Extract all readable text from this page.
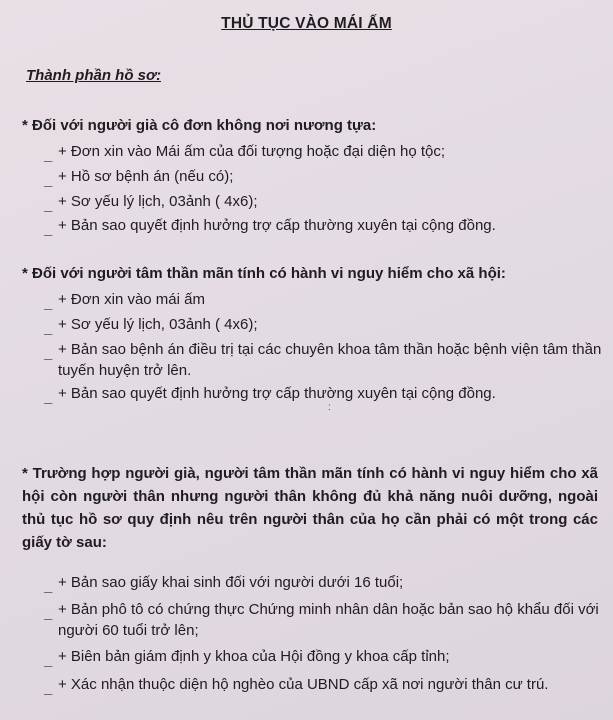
THỦ TỤC VÀO MÁI ẤM
Thành phần hồ sơ:
* Đối với người già cô đơn không nơi nương tựa:
_ + Đơn xin vào Mái ấm của đối tượng hoặc đại diện họ tộc;
_ + Hồ sơ bệnh án (nếu có);
_ + Sơ yếu lý lịch, 03ảnh ( 4x6);
_ + Bản sao quyết định hưởng trợ cấp thường xuyên tại cộng đồng.
* Đối với người tâm thần mãn tính có hành vi nguy hiểm cho xã hội:
_ + Đơn xin vào mái ấm
_ + Sơ yếu lý lịch, 03ảnh ( 4x6);
_ + Bản sao bệnh án điều trị tại các chuyên khoa tâm thần hoặc bệnh viện tâm thần tuyến huyện trở lên.
_ + Bản sao quyết định hưởng trợ cấp thường xuyên tại cộng đồng.
:
* Trường hợp người già, người tâm thần mãn tính có hành vi nguy hiểm cho xã hội còn người thân nhưng người thân không đủ khả năng nuôi dưỡng, ngoài thủ tục hồ sơ quy định nêu trên người thân của họ cần phải có một trong các giấy tờ sau:
_ + Bản sao giấy khai sinh đối với người dưới 16 tuổi;
_ + Bản phô tô có chứng thực Chứng minh nhân dân hoặc bản sao hộ khẩu đối với người 60 tuổi trở lên;
_ + Biên bản giám định y khoa của Hội đồng y khoa cấp tỉnh;
_ + Xác nhận thuộc diện hộ nghèo của UBND cấp xã nơi người thân cư trú.
